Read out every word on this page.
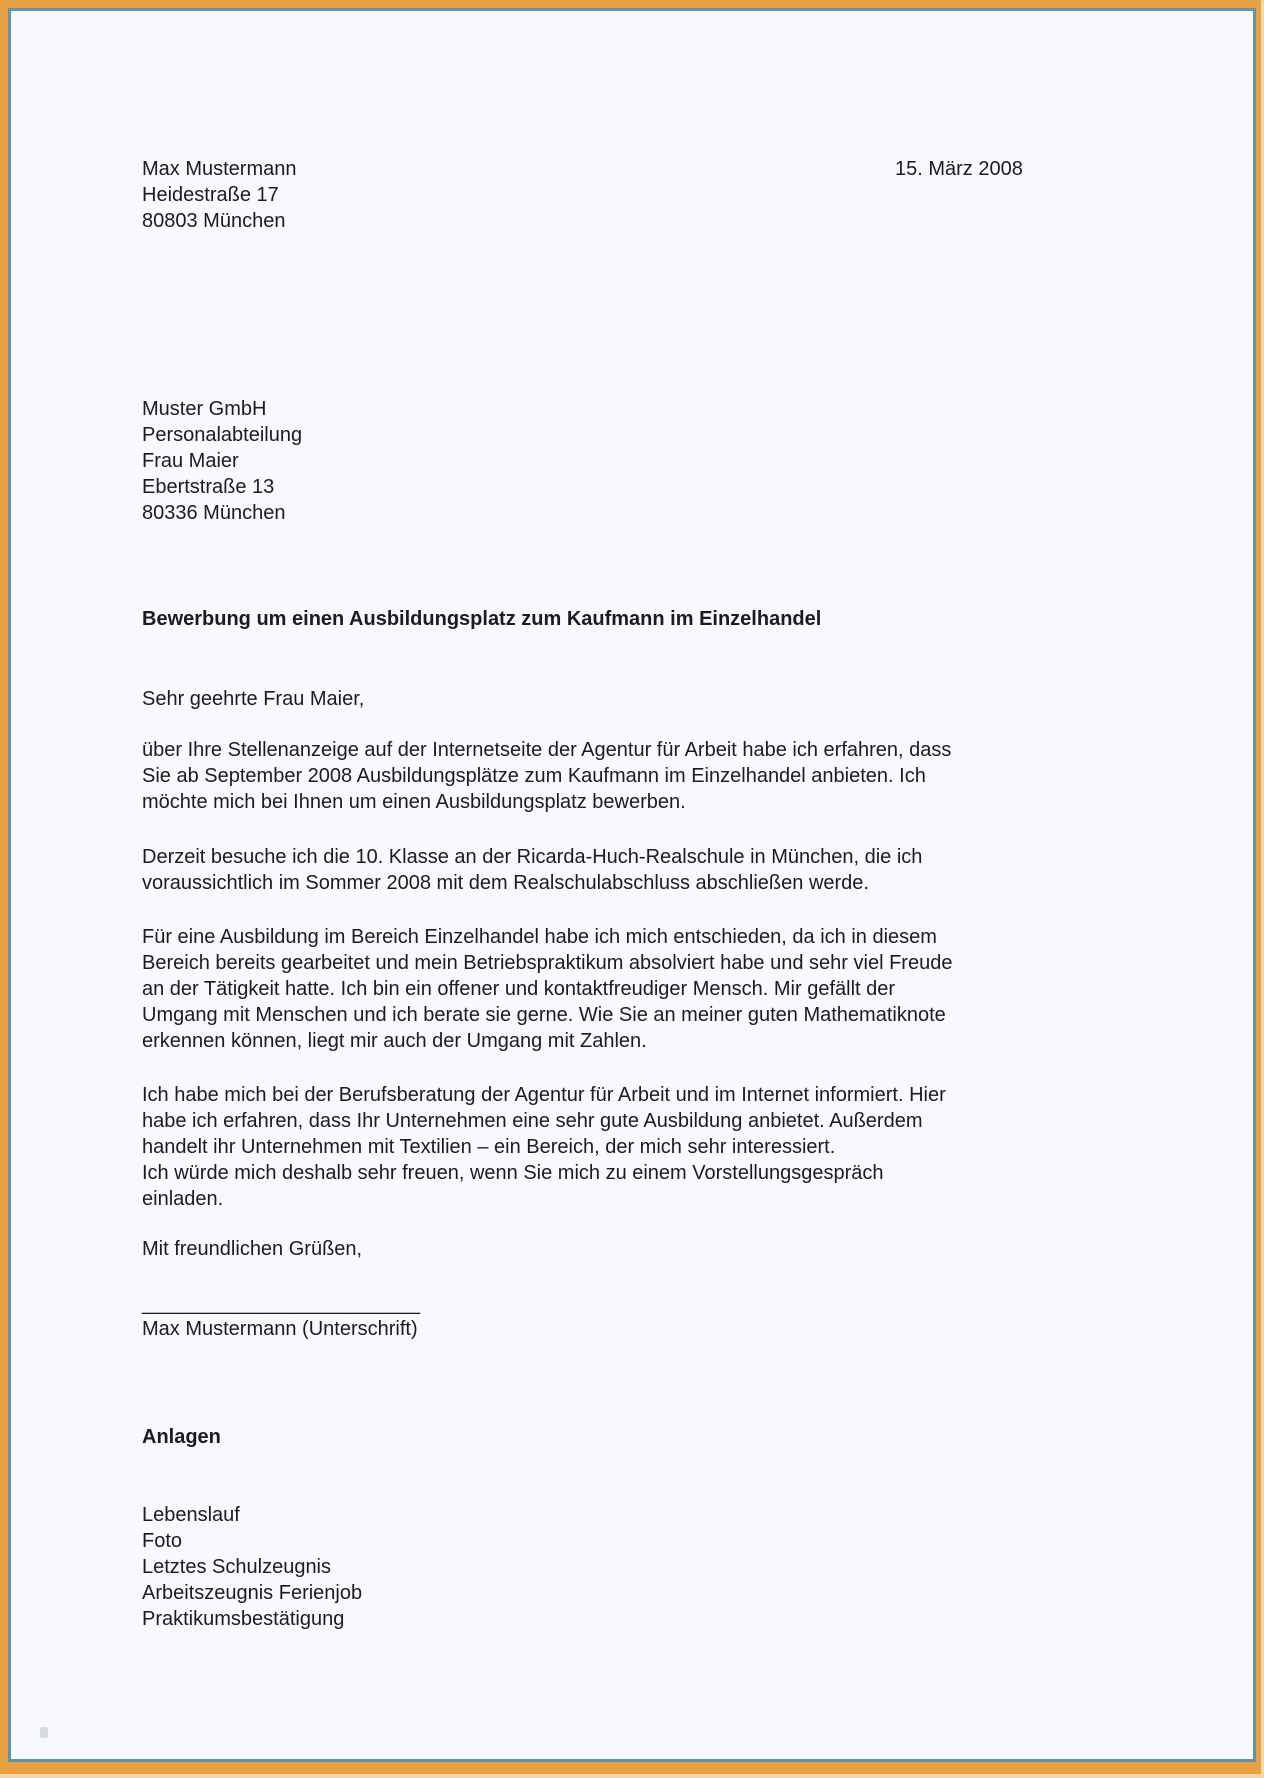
Max Mustermann
Heidestraße 17
80803 München
15. März 2008
Muster GmbH
Personalabteilung
Frau Maier
Ebertstraße 13
80336 München
Bewerbung um einen Ausbildungsplatz zum Kaufmann im Einzelhandel
Sehr geehrte Frau Maier,
über Ihre Stellenanzeige auf der Internetseite der Agentur für Arbeit habe ich erfahren, dass
Sie ab September 2008 Ausbildungsplätze zum Kaufmann im Einzelhandel anbieten. Ich
möchte mich bei Ihnen um einen Ausbildungsplatz bewerben.
Derzeit besuche ich die 10. Klasse an der Ricarda-Huch-Realschule in München, die ich
voraussichtlich im Sommer 2008 mit dem Realschulabschluss abschließen werde.
Für eine Ausbildung im Bereich Einzelhandel habe ich mich entschieden, da ich in diesem
Bereich bereits gearbeitet und mein Betriebspraktikum absolviert habe und sehr viel Freude
an der Tätigkeit hatte. Ich bin ein offener und kontaktfreudiger Mensch. Mir gefällt der
Umgang mit Menschen und ich berate sie gerne. Wie Sie an meiner guten Mathematiknote
erkennen können, liegt mir auch der Umgang mit Zahlen.
Ich habe mich bei der Berufsberatung der Agentur für Arbeit und im Internet informiert. Hier
habe ich erfahren, dass Ihr Unternehmen eine sehr gute Ausbildung anbietet. Außerdem
handelt ihr Unternehmen mit Textilien – ein Bereich, der mich sehr interessiert.
Ich würde mich deshalb sehr freuen, wenn Sie mich zu einem Vorstellungsgespräch
einladen.
Mit freundlichen Grüßen,
_________________________
Max Mustermann (Unterschrift)

Anlagen

Lebenslauf
Foto
Letztes Schulzeugnis
Arbeitszeugnis Ferienjob
Praktikumsbestätigung
